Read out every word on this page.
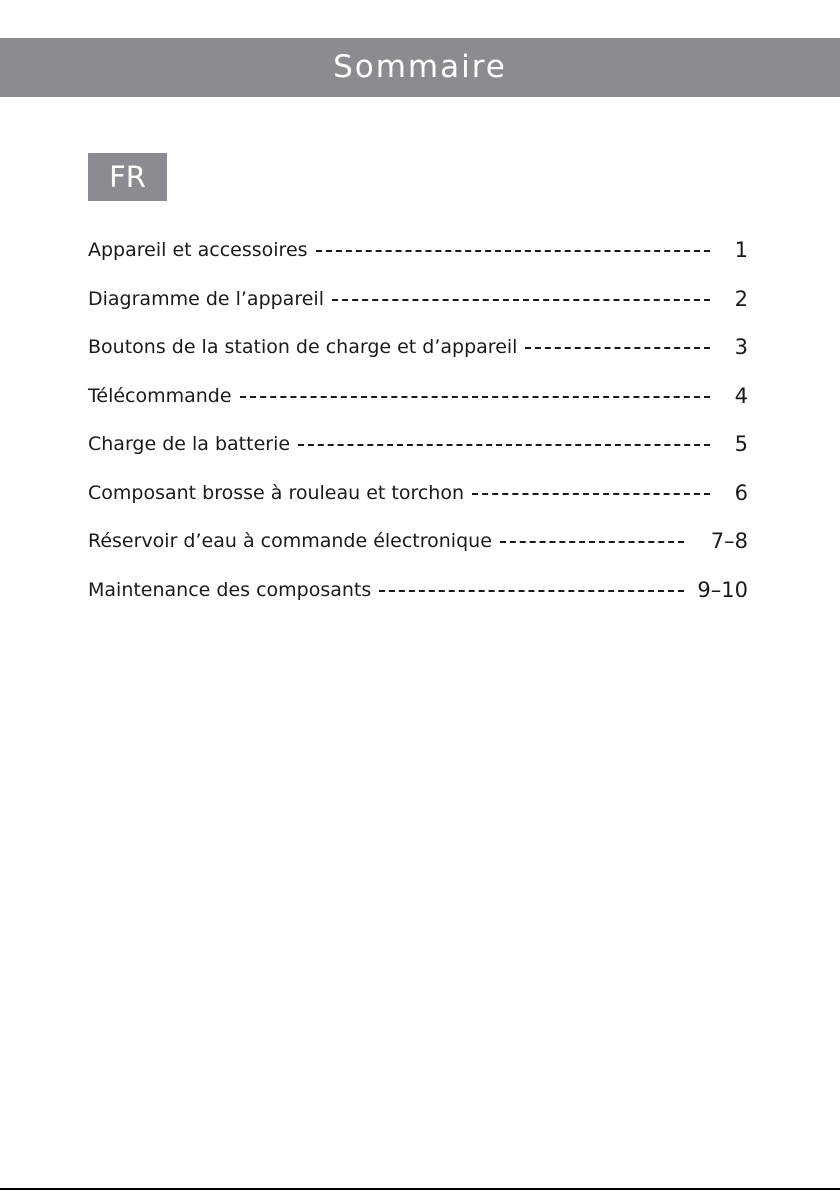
Sommaire
FR
Appareil et accessoires	1
Diagramme de l’appareil	2
Boutons de la station de charge et d’appareil	3
Télécommande	4
Charge de la batterie	5
Composant brosse à rouleau et torchon	6
Réservoir d’eau à commande électronique	7–8
Maintenance des composants	9–10
